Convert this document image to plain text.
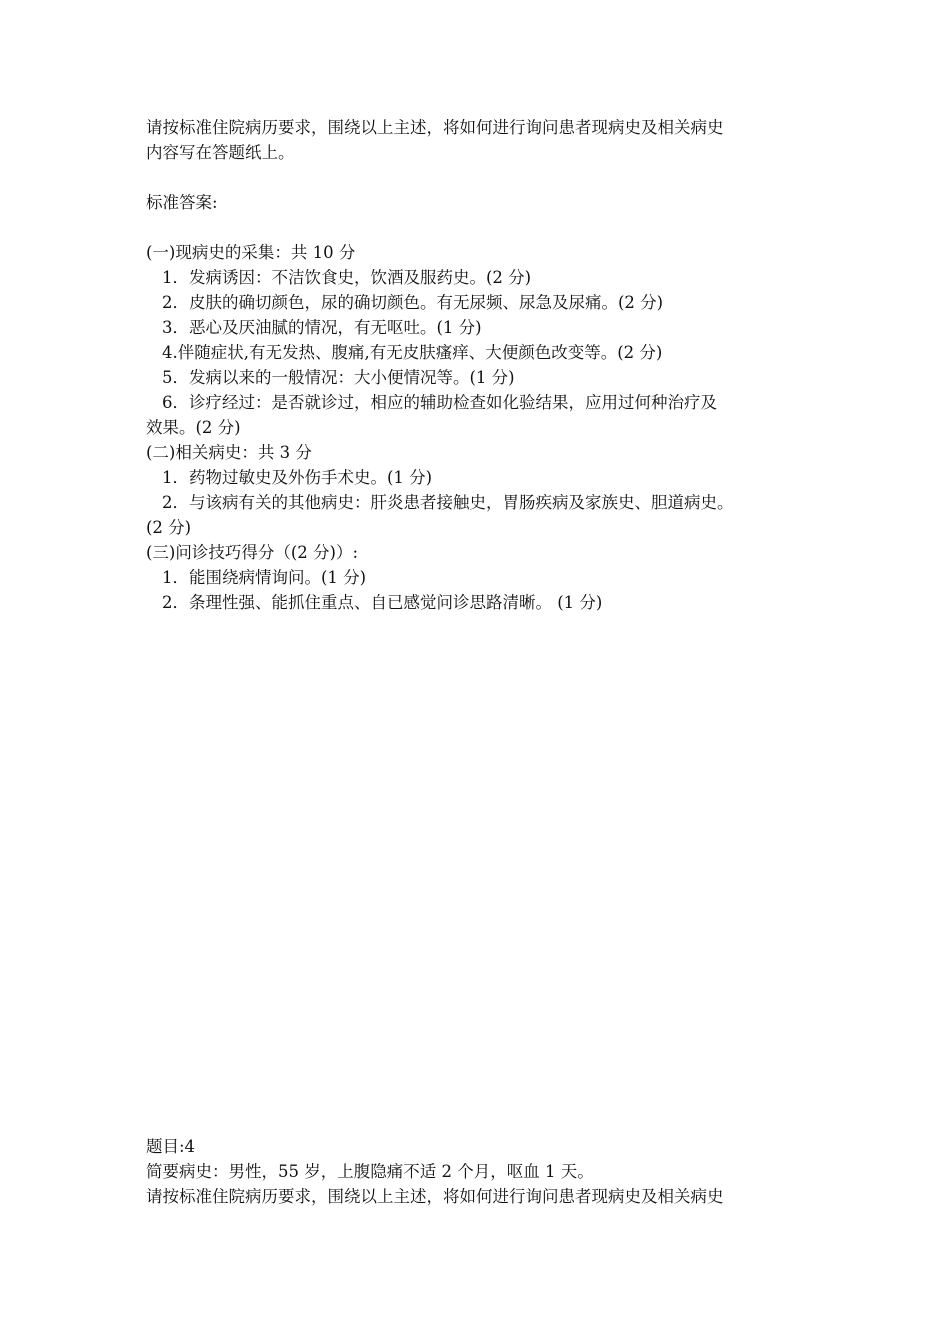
请按标准住院病历要求，围绕以上主述，将如何进行询问患者现病史及相关病史
内容写在答题纸上。
标准答案:
(一)现病史的采集：共 10 分
1．发病诱因：不洁饮食史，饮酒及服药史。(2 分)
2．皮肤的确切颜色，尿的确切颜色。有无尿频、尿急及尿痛。(2 分)
3．恶心及厌油腻的情况，有无呕吐。(1 分)
4.伴随症状,有无发热、腹痛,有无皮肤瘙痒、大便颜色改变等。(2 分)
5．发病以来的一般情况：大小便情况等。(1 分)
6．诊疗经过：是否就诊过，相应的辅助检查如化验结果，应用过何种治疗及
效果。(2 分)
(二)相关病史：共 3 分
1．药物过敏史及外伤手术史。(1 分)
2．与该病有关的其他病史：肝炎患者接触史，胃肠疾病及家族史、胆道病史。
(2 分)
(三)问诊技巧得分（(2 分)）:
1．能围绕病情询问。(1 分)
2．条理性强、能抓住重点、自已感觉问诊思路清晰。 (1 分)
题目:4
简要病史：男性，55 岁，上腹隐痛不适 2 个月，呕血 1 天。
请按标准住院病历要求，围绕以上主述，将如何进行询问患者现病史及相关病史
